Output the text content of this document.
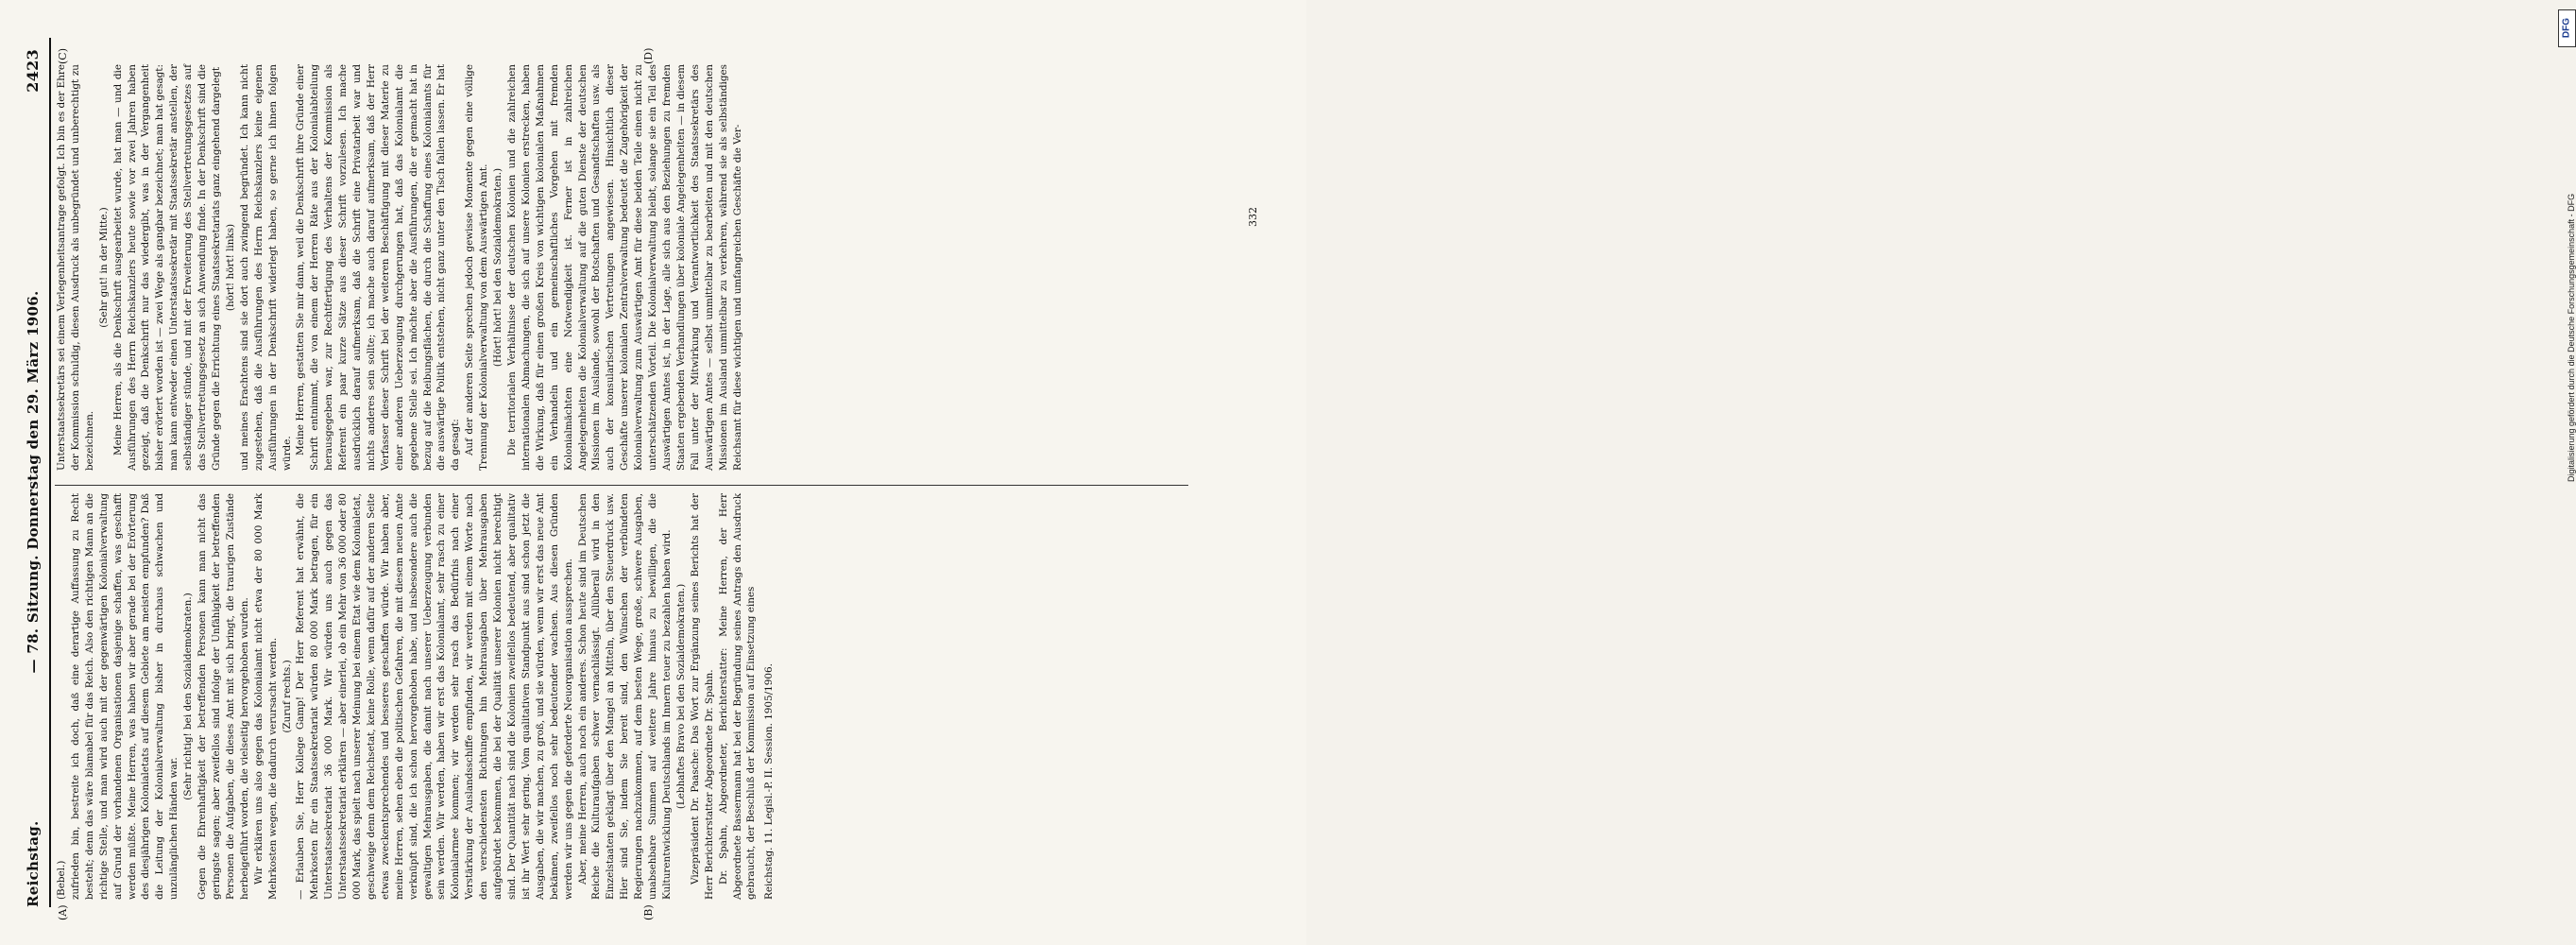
Reichstag.
— 78. Sitzung. Donnerstag den 29. März 1906.
2423
(A)	(B)
(C)	(D)

(Bebel.) zufrieden bin, bestreite ich doch, daß eine derartige Auffassung zu Recht besteht; denn das wäre blamabel für das Reich. Also den richtigen Mann an die richtige Stelle, und man wird auch mit der gegenwärtigen Kolonialverwaltung auf Grund der vorhandenen Organisationen dasjenige schaffen, was geschafft werden müßte. Meine Herren, was haben wir aber gerade bei der Erörterung des diesjährigen Kolonialetats auf diesem Gebiete am meisten empfunden? Daß die Leitung der Kolonialverwaltung bisher in durchaus schwachen und unzulänglichen Händen war.

(Sehr richtig! bei den Sozialdemokraten.) Gegen die Ehrenhaftigkeit der betreffenden Personen kann man nicht das geringste sagen; aber zweifellos sind infolge der Unfähigkeit der betreffenden Personen die Aufgaben, die dieses Amt mit sich bringt, die traurigen Zustände herbeigeführt worden, die vielseitig hervorgehoben wurden. Wir erklären uns also gegen das Kolonialamt nicht etwa der 80 000 Mark Mehrkosten wegen, die dadurch verursacht werden. (Zuruf rechts.) — Erlauben Sie, Herr Kollege Gamp! Der Herr Referent hat erwähnt, die Mehrkosten für ein Staatssekretariat würden 80 000 Mark betragen, für ein Unterstaatssekretariat 36 000 Mark. Wir würden uns auch gegen das Unterstaatssekretariat erklären — aber einerlei, ob ein Mehr von 36 000 oder 80 000 Mark, das spielt nach unserer Meinung bei einem Etat wie dem Kolonialetat, geschweige denn dem Reichsetat, keine Rolle, wenn dafür auf der anderen Seite etwas zweckentsprechendes und besseres geschaffen würde. Wir haben aber, meine Herren, sehen eben die politischen Gefahren, die mit diesem neuen Amte verknüpft sind, die ich schon hervorgehoben habe, und insbesondere auch die gewaltigen Mehrausgaben, die damit nach unserer Ueberzeugung verbunden sein werden. Wir werden, haben wir erst das Kolonialamt, sehr rasch zu einer Kolonialarmee kommen; wir werden sehr rasch das Bedürfnis nach einer Verstärkung der Auslandsschiffe empfinden, wir werden mit einem Worte nach den verschiedensten Richtungen hin Mehrausgaben über Mehrausgaben aufgebürdet bekommen, die bei der Qualität unserer Kolonien nicht berechtigt sind. Der Quantität nach sind die Kolonien zweifellos bedeutend, aber qualitativ ist ihr Wert sehr gering. Vom qualitativen Standpunkt aus sind schon jetzt die Ausgaben, die wir machen, zu groß, und sie würden, wenn wir erst das neue Amt bekämen, zweifellos noch sehr bedeutender wachsen. Aus diesen Gründen werden wir uns gegen die geforderte Neuorganisation aussprechen. Aber, meine Herren, auch noch ein anderes. Schon heute sind im Deutschen Reiche die Kulturaufgaben schwer vernachlässigt. Allüberall wird in den Einzelstaaten geklagt über den Mangel an Mitteln, über den Steuerdruck usw. Hier sind Sie, indem Sie bereit sind, den Wünschen der verbündeten Regierungen nachzukommen, auf dem besten Wege, große, schwere Ausgaben, unabsehbare Summen auf weitere Jahre hinaus zu bewilligen, die die Kulturentwicklung Deutschlands im Innern teuer zu bezahlen haben wird. (Lebhaftes Bravo bei den Sozialdemokraten.) Vizepräsident Dr. Paasche: Das Wort zur Ergänzung seines Berichts hat der Herr Berichterstatter Abgeordnete Dr. Spahn. Dr. Spahn, Abgeordneter, Berichterstatter: Meine Herren, der Herr Abgeordnete Bassermann hat bei der Begründung seines Antrags den Ausdruck gebraucht, der Beschluß der Kommission auf Einsetzung eines Reichstag. 11. Legisl.-P. II. Session. 1905/1906.

Unterstaatssekretärs sei einem Verlegenheitsantrage gefolgt. Ich bin es der Ehre der Kommission schuldig, diesen Ausdruck als unbegründet und unberechtigt zu bezeichnen.

(Sehr gut! in der Mitte.) Meine Herren, als die Denkschrift ausgearbeitet wurde, hat man — und die Ausführungen des Herrn Reichskanzlers heute sowie vor zwei Jahren haben gezeigt, daß die Denkschrift nur das wiedergibt, was in der Vergangenheit bisher erörtert worden ist — zwei Wege als gangbar bezeichnet; man hat gesagt: man kann entweder einen Unterstaatssekretär mit Staatssekretär anstellen, der selbständiger stünde, und mit der Erweiterung des Stellvertretungsgesetzes auf das Stellvertretungsgesetz an sich Anwendung finde. In der Denkschrift sind die Gründe gegen die Errichtung eines Staatssekretariats ganz eingehend dargelegt (hört! hört! links) und meines Erachtens sind sie dort auch zwingend begründet. Ich kann nicht zugestehen, daß die Ausführungen des Herrn Reichskanzlers keine eigenen Ausführungen in der Denkschrift widerlegt haben, so gerne ich ihnen folgen würde. Meine Herren, gestatten Sie mir dann, weil die Denkschrift ihre Gründe einer Schrift entnimmt, die von einem der Herren Räte aus der Kolonialabteilung herausgegeben war, zur Rechtfertigung des Verhaltens der Kommission als Referent ein paar kurze Sätze aus dieser Schrift vorzulesen. Ich mache ausdrücklich darauf aufmerksam, daß die Schrift eine Privatarbeit war und nichts anderes sein sollte; ich mache auch darauf aufmerksam, daß der Herr Verfasser dieser Schrift bei der weiteren Beschäftigung mit dieser Materie zu einer anderen Ueberzeugung durchgerungen hat, daß das Kolonialamt die gegebene Stelle sei. Ich möchte aber die Ausführungen, die er gemacht hat in bezug auf die Reibungsflächen, die durch die Schaffung eines Kolonialamts für die auswärtige Politik entstehen, nicht ganz unter den Tisch fallen lassen. Er hat da gesagt: Auf der anderen Seite sprechen jedoch gewisse Momente gegen eine völlige Trennung der Kolonialverwaltung von dem Auswärtigen Amt. (Hört! hört! bei den Sozialdemokraten.) Die territorialen Verhältnisse der deutschen Kolonien und die zahlreichen internationalen Abmachungen, die sich auf unsere Kolonien erstrecken, haben die Wirkung, daß für einen großen Kreis von wichtigen kolonialen Maßnahmen ein Verhandeln und ein gemeinschaftliches Vorgehen mit fremden Kolonialmächten eine Notwendigkeit ist. Ferner ist in zahlreichen Angelegenheiten die Kolonialverwaltung auf die guten Dienste der deutschen Missionen im Auslande, sowohl der Botschaften und Gesandtschaften usw. als auch der konsularischen Vertretungen angewiesen. Hinsichtlich dieser Geschäfte unserer kolonialen Zentralverwaltung bedeutet die Zugehörigkeit der Kolonialverwaltung zum Auswärtigen Amt für diese beiden Teile einen nicht zu unterschätzenden Vorteil. Die Kolonialverwaltung bleibt, solange sie ein Teil des Auswärtigen Amtes ist, in der Lage, alle sich aus den Beziehungen zu fremden Staaten ergebenden Verhandlungen über koloniale Angelegenheiten — in diesem Fall unter der Mitwirkung und Verantwortlichkeit des Staatssekretärs des Auswärtigen Amtes — selbst unmittelbar zu bearbeiten und mit den deutschen Missionen im Ausland unmittelbar zu verkehren, während sie als selbständiges Reichsamt für diese wichtigen und umfangreichen Geschäfte die Ver-	332
DFG
Digitalisierung gefördert durch die Deutsche Forschungsgemeinschaft - DFG
